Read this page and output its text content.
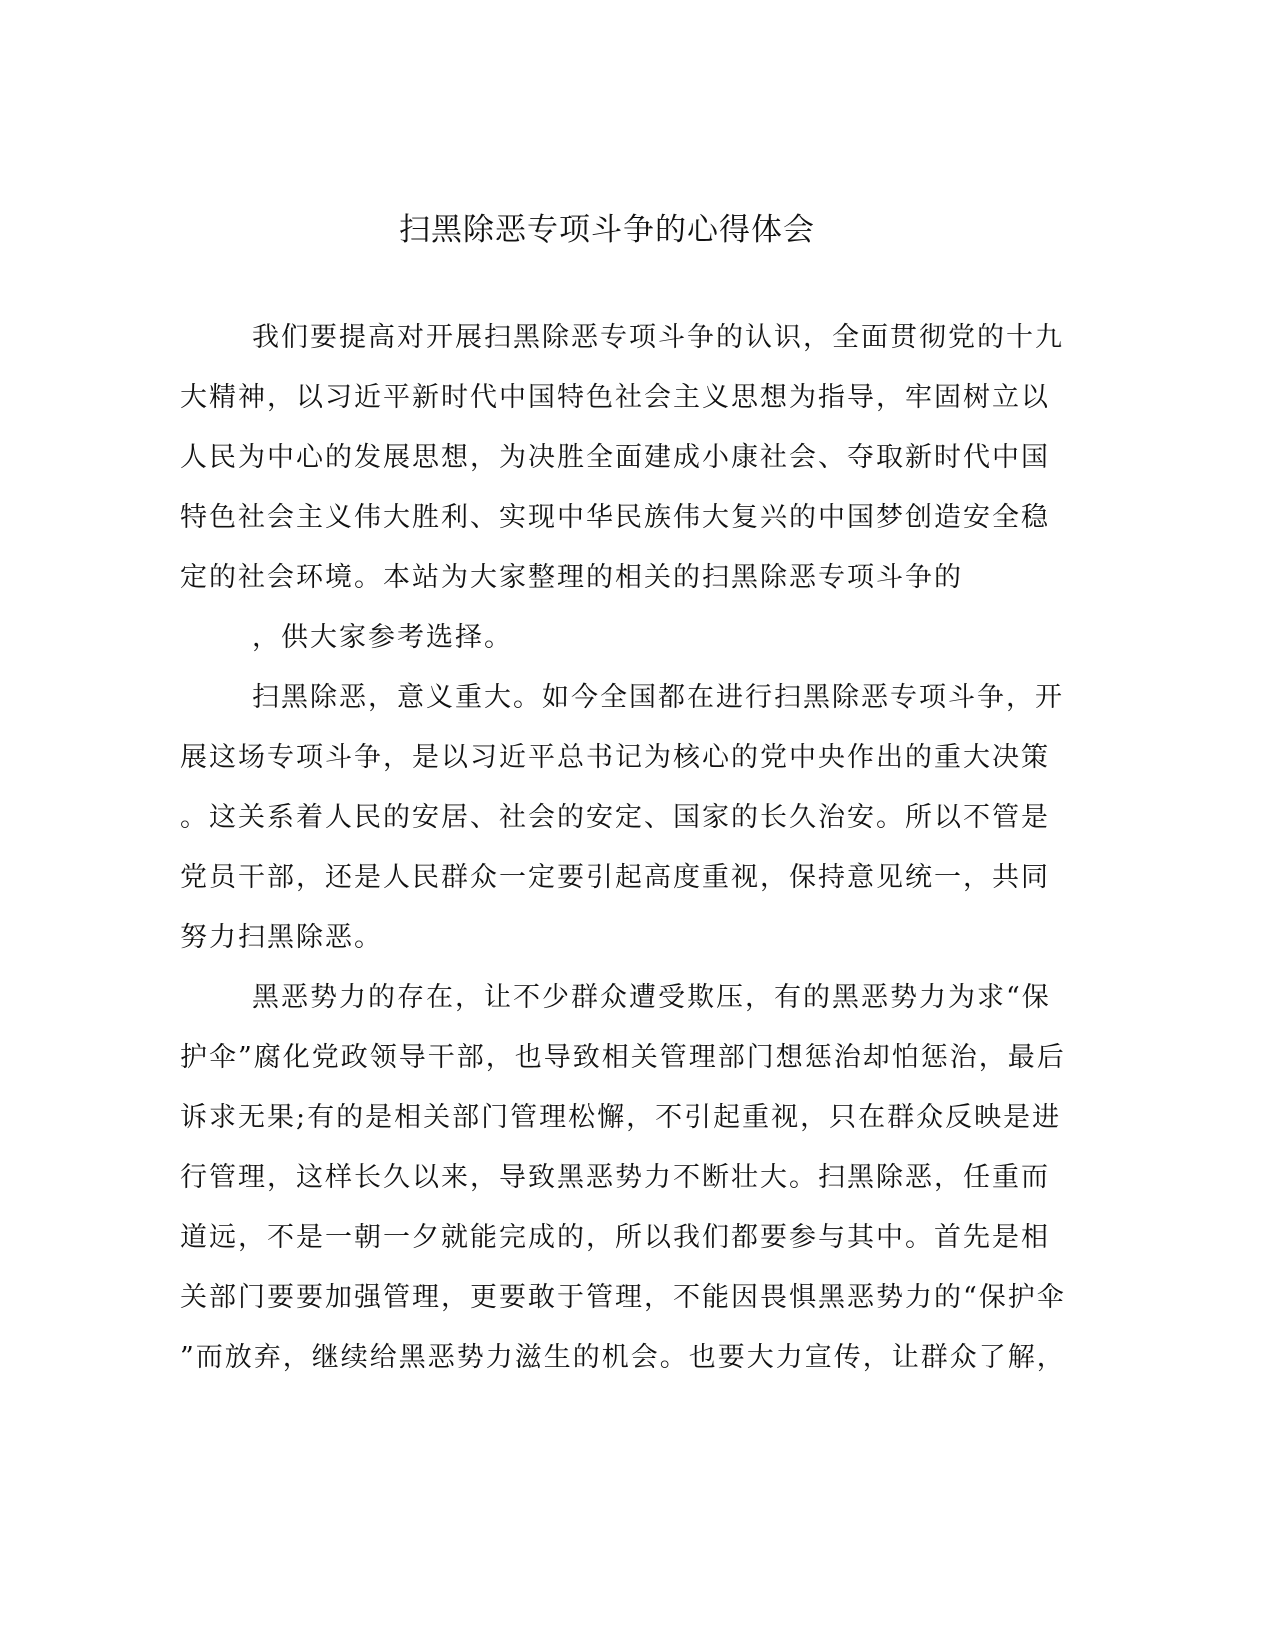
扫黑除恶专项斗争的心得体会
我们要提高对开展扫黑除恶专项斗争的认识，全面贯彻党的十九
大精神，以习近平新时代中国特色社会主义思想为指导，牢固树立以
人民为中心的发展思想，为决胜全面建成小康社会、夺取新时代中国
特色社会主义伟大胜利、实现中华民族伟大复兴的中国梦创造安全稳
定的社会环境。本站为大家整理的相关的扫黑除恶专项斗争的
，供大家参考选择。
扫黑除恶，意义重大。如今全国都在进行扫黑除恶专项斗争，开
展这场专项斗争，是以习近平总书记为核心的党中央作出的重大决策
。这关系着人民的安居、社会的安定、国家的长久治安。所以不管是
党员干部，还是人民群众一定要引起高度重视，保持意见统一，共同
努力扫黑除恶。
黑恶势力的存在，让不少群众遭受欺压，有的黑恶势力为求“保
护伞”腐化党政领导干部，也导致相关管理部门想惩治却怕惩治，最后
诉求无果;有的是相关部门管理松懈，不引起重视，只在群众反映是进
行管理，这样长久以来，导致黑恶势力不断壮大。扫黑除恶，任重而
道远，不是一朝一夕就能完成的，所以我们都要参与其中。首先是相
关部门要要加强管理，更要敢于管理，不能因畏惧黑恶势力的“保护伞
”而放弃，继续给黑恶势力滋生的机会。也要大力宣传，让群众了解，
